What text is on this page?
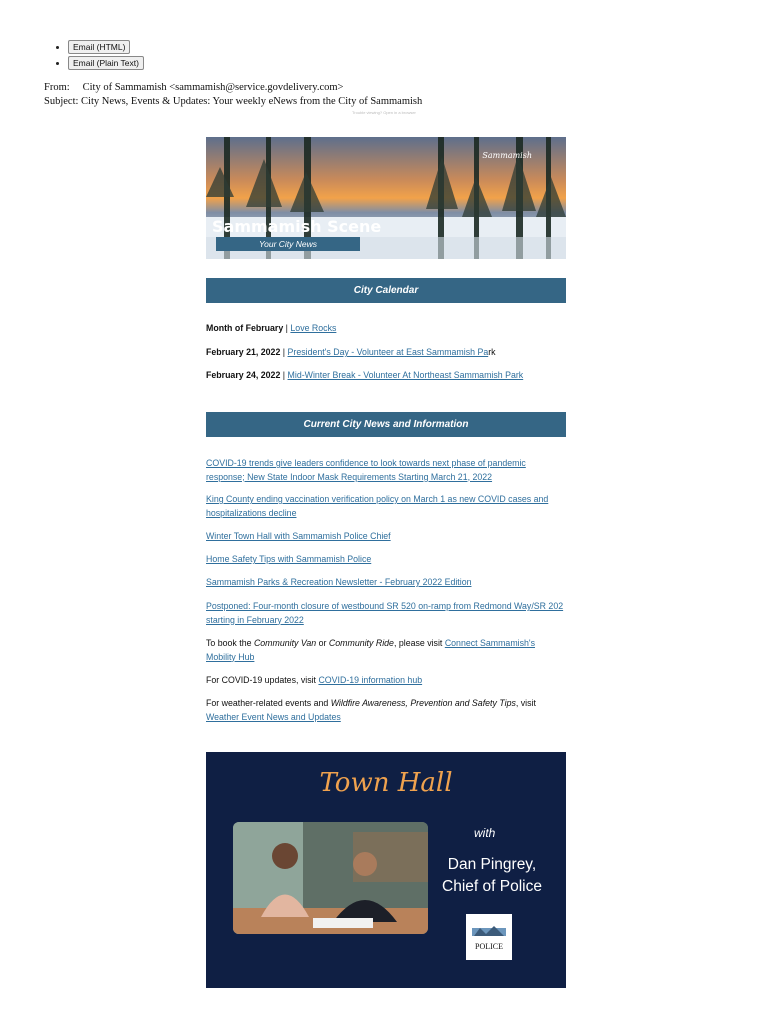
• Email (HTML)
• Email (Plain Text)
From: City of Sammamish <sammamish@service.govdelivery.com>
Subject: City News, Events & Updates: Your weekly eNews from the City of Sammamish
Trouble viewing? Open in a browser
Sammamish Scene
Your City News
Sammamish
City Calendar
Month of February | Love Rocks
February 21, 2022 | President's Day - Volunteer at East Sammamish Park
February 24, 2022 | Mid-Winter Break - Volunteer At Northeast Sammamish Park
Current City News and Information
COVID-19 trends give leaders confidence to look towards next phase of pandemic response; New State Indoor Mask Requirements Starting March 21, 2022
King County ending vaccination verification policy on March 1 as new COVID cases and hospitalizations decline
Winter Town Hall with Sammamish Police Chief
Home Safety Tips with Sammamish Police
Sammamish Parks & Recreation Newsletter - February 2022 Edition
Postponed: Four-month closure of westbound SR 520 on-ramp from Redmond Way/SR 202 starting in February 2022
To book the Community Van or Community Ride, please visit Connect Sammamish's Mobility Hub
For COVID-19 updates, visit COVID-19 information hub
For weather-related events and Wildfire Awareness, Prevention and Safety Tips, visit Weather Event News and Updates
Town Hall
with
Dan Pingrey,
Chief of Police
POLICE
